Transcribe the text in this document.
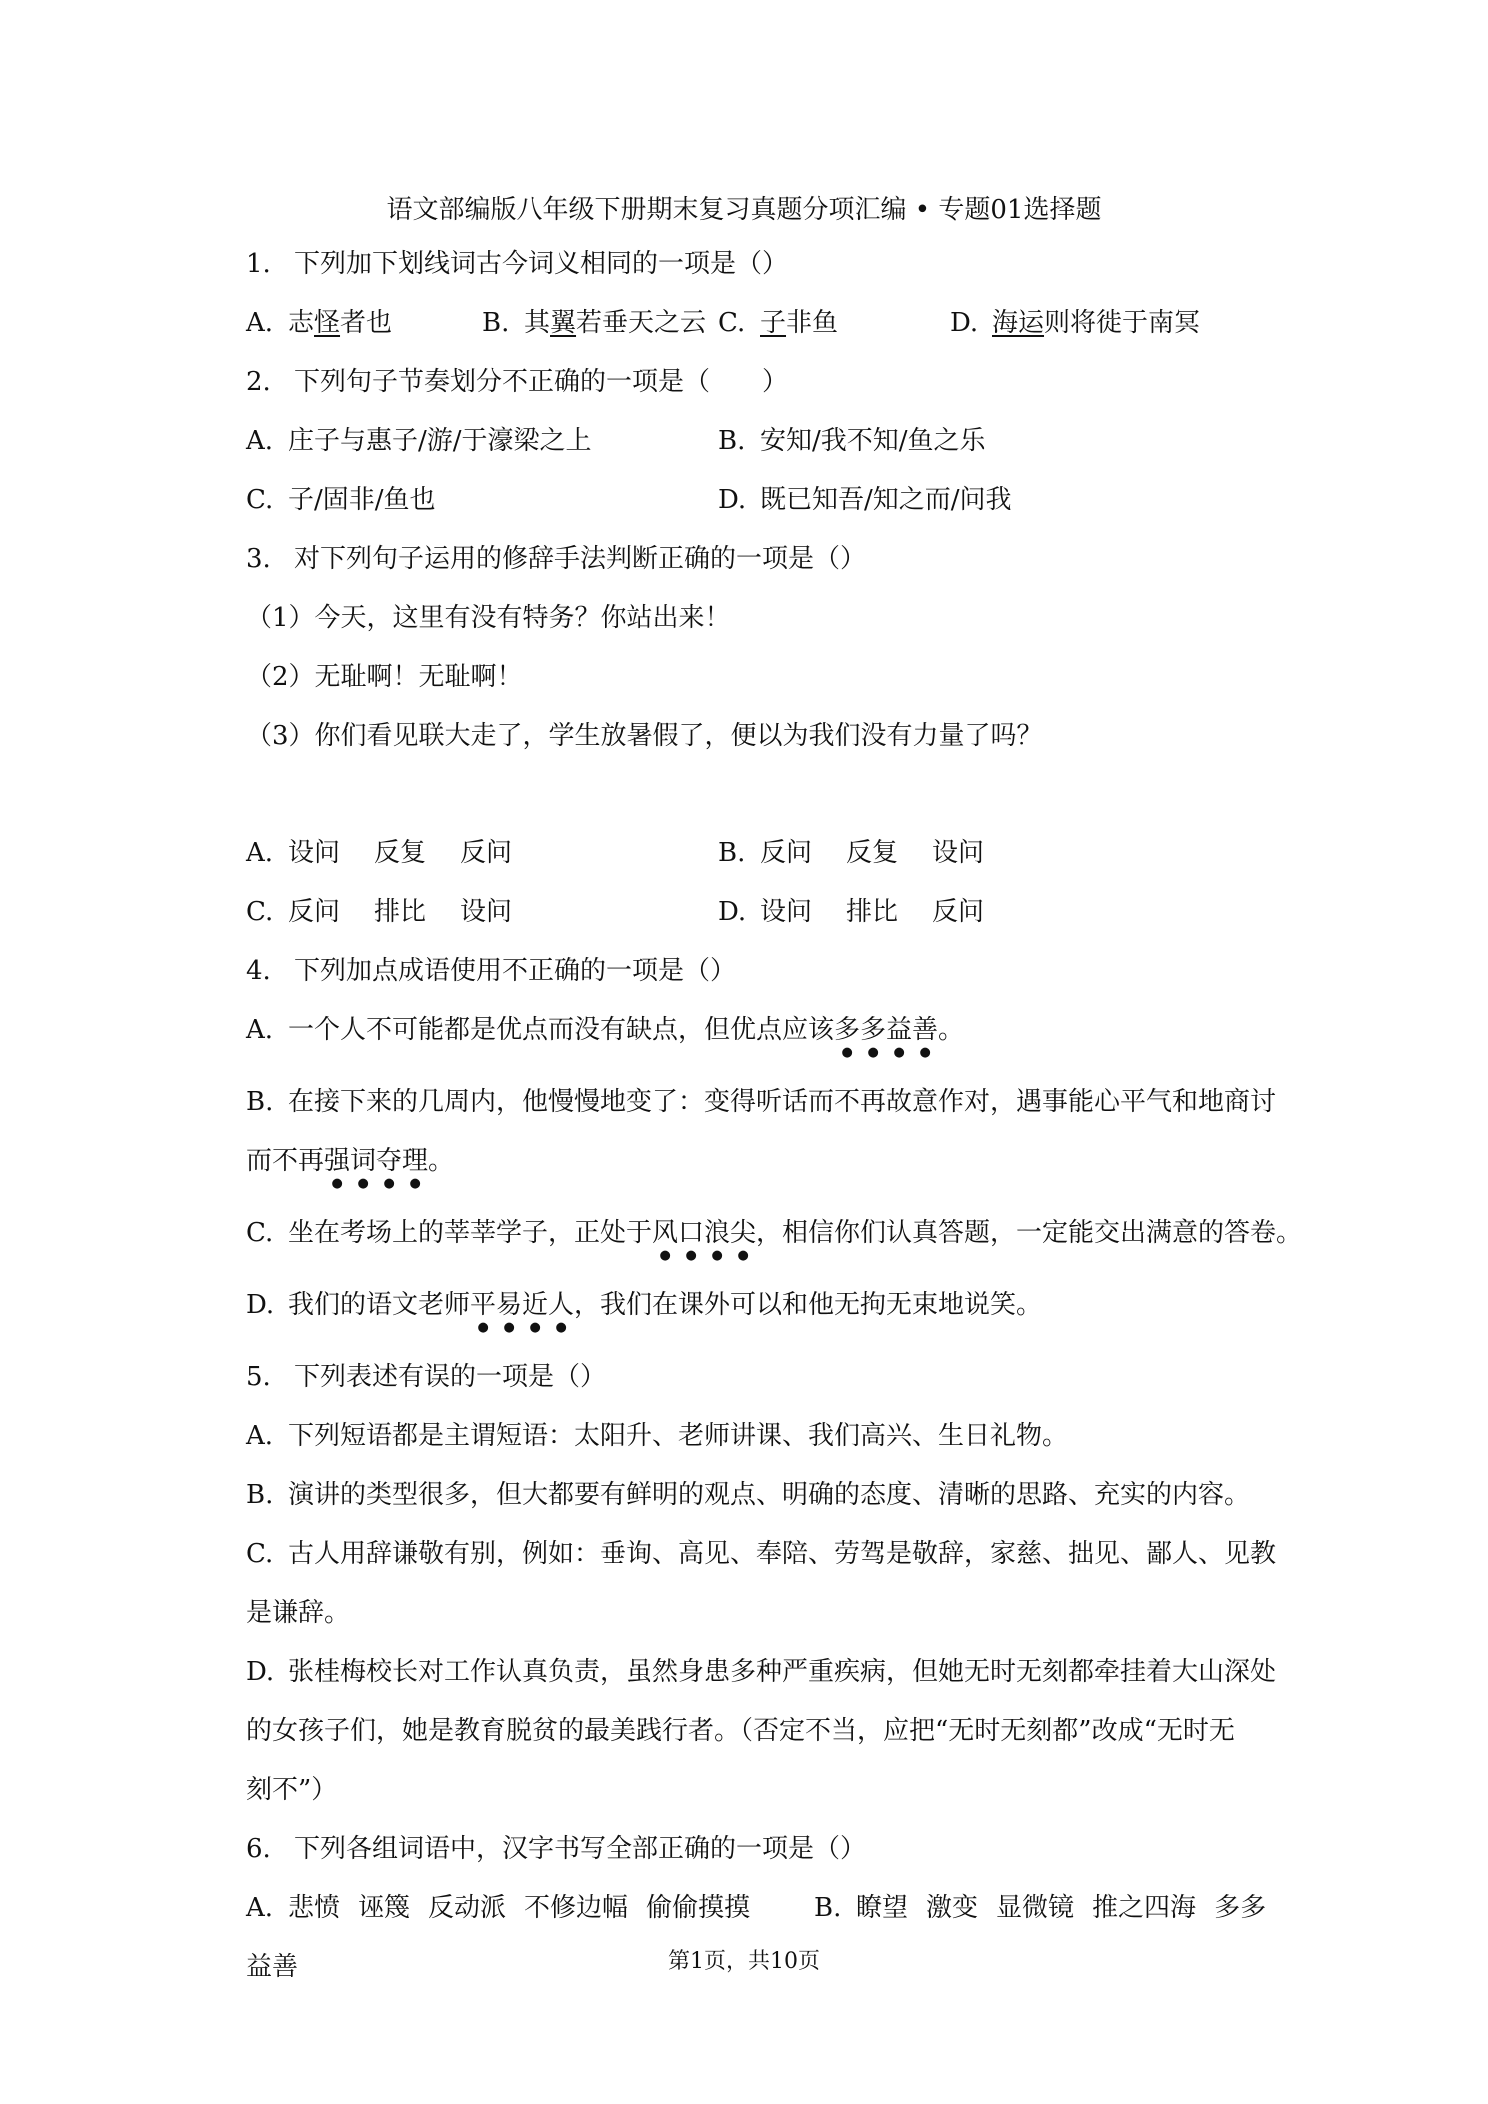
语文部编版八年级下册期末复习真题分项汇编 • 专题01选择题
1. 下列加下划线词古今词义相同的一项是（）
A. 志怪者也	B. 其翼若垂天之云 C. 子非鱼	D. 海运则将徙于南冥
2. 下列句子节奏划分不正确的一项是（　　）
A. 庄子与惠子/游/于濠梁之上	B. 安知/我不知/鱼之乐
C. 子/固非/鱼也	D. 既已知吾/知之而/问我
3. 对下列句子运用的修辞手法判断正确的一项是（）
（1）今天，这里有没有特务？你站出来！
（2）无耻啊！无耻啊！
（3）你们看见联大走了，学生放暑假了，便以为我们没有力量了吗？
A. 设问 反复 反问	B. 反问 反复 设问
C. 反问 排比 设问	D. 设问 排比 反问
4. 下列加点成语使用不正确的一项是（）
A. 一个人不可能都是优点而没有缺点，但优点应该多多益善。
B. 在接下来的几周内，他慢慢地变了：变得听话而不再故意作对，遇事能心平气和地商讨
而不再强词夺理。
C. 坐在考场上的莘莘学子，正处于风口浪尖，相信你们认真答题，一定能交出满意的答卷。
D. 我们的语文老师平易近人，我们在课外可以和他无拘无束地说笑。
5. 下列表述有误的一项是（）
A. 下列短语都是主谓短语：太阳升、老师讲课、我们高兴、生日礼物。
B. 演讲的类型很多，但大都要有鲜明的观点、明确的态度、清晰的思路、充实的内容。
C. 古人用辞谦敬有别，例如：垂询、高见、奉陪、劳驾是敬辞，家慈、拙见、鄙人、见教
是谦辞。
D. 张桂梅校长对工作认真负责，虽然身患多种严重疾病，但她无时无刻都牵挂着大山深处
的女孩子们，她是教育脱贫的最美践行者。（否定不当，应把“无时无刻都”改成“无时无
刻不”）
6. 下列各组词语中，汉字书写全部正确的一项是（）
A. 悲愤 诬篾 反动派 不修边幅 偷偷摸摸 B. 瞭望 激变 显微镜 推之四海 多多
益善	第1页，共10页
